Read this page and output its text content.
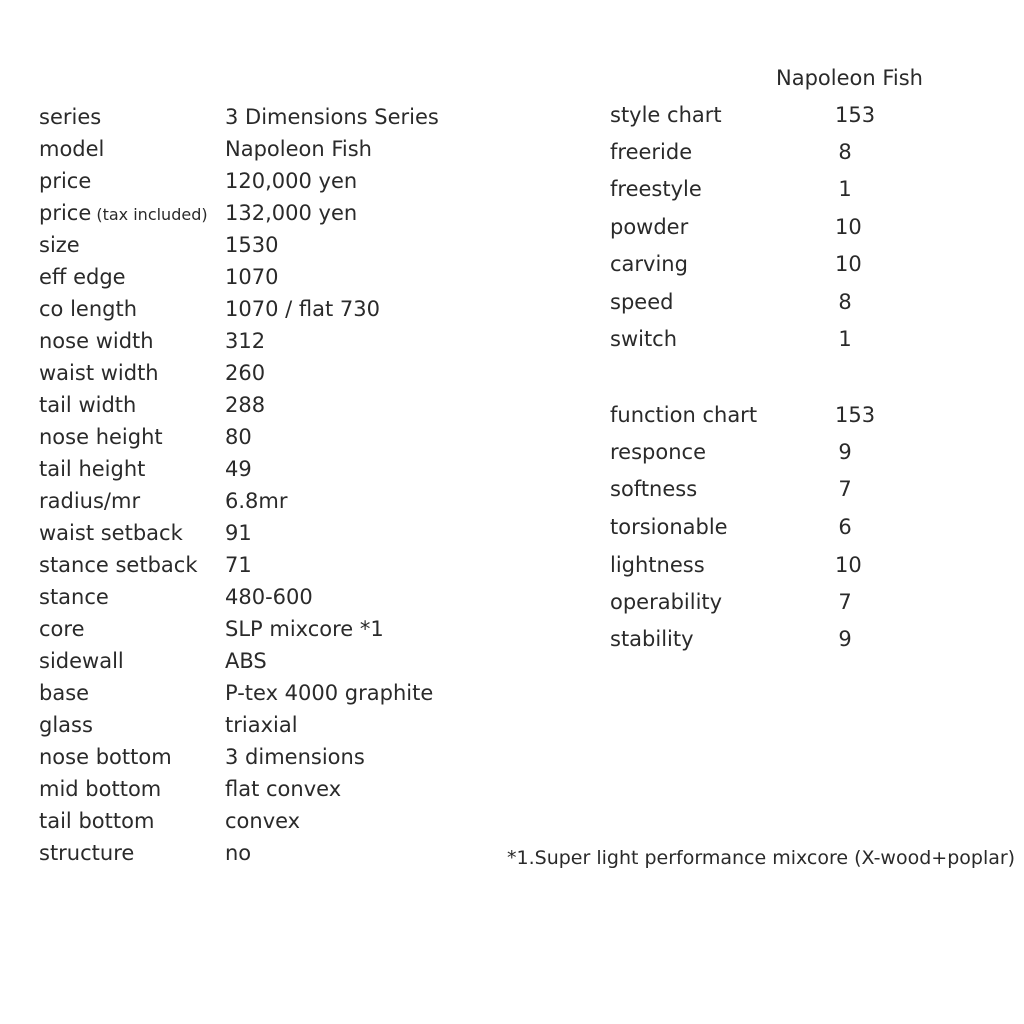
Napoleon Fish
series	3 Dimensions Series
model	Napoleon Fish
price	120,000 yen
price (tax included) 132,000 yen
size	1530
eff edge	1070
co length	1070 / flat 730
nose width	312
waist width	260
tail width	288
nose height	80
tail height	49
radius/mr	6.8mr
waist setback 91
stance setback 71
stance	480-600
core	SLP mixcore *1
sidewall	ABS
base	P-tex 4000 graphite
glass	triaxial
nose bottom	3 dimensions
mid bottom	flat convex
tail bottom	convex
structure	no
style chart	153
freeride	8
freestyle	1
powder	10
carving	10
speed	8
switch	1
function chart	153
responce	9
softness	7
torsionable	6
lightness	10
operability	7
stability	9
*1.Super light performance mixcore (X-wood+poplar)
